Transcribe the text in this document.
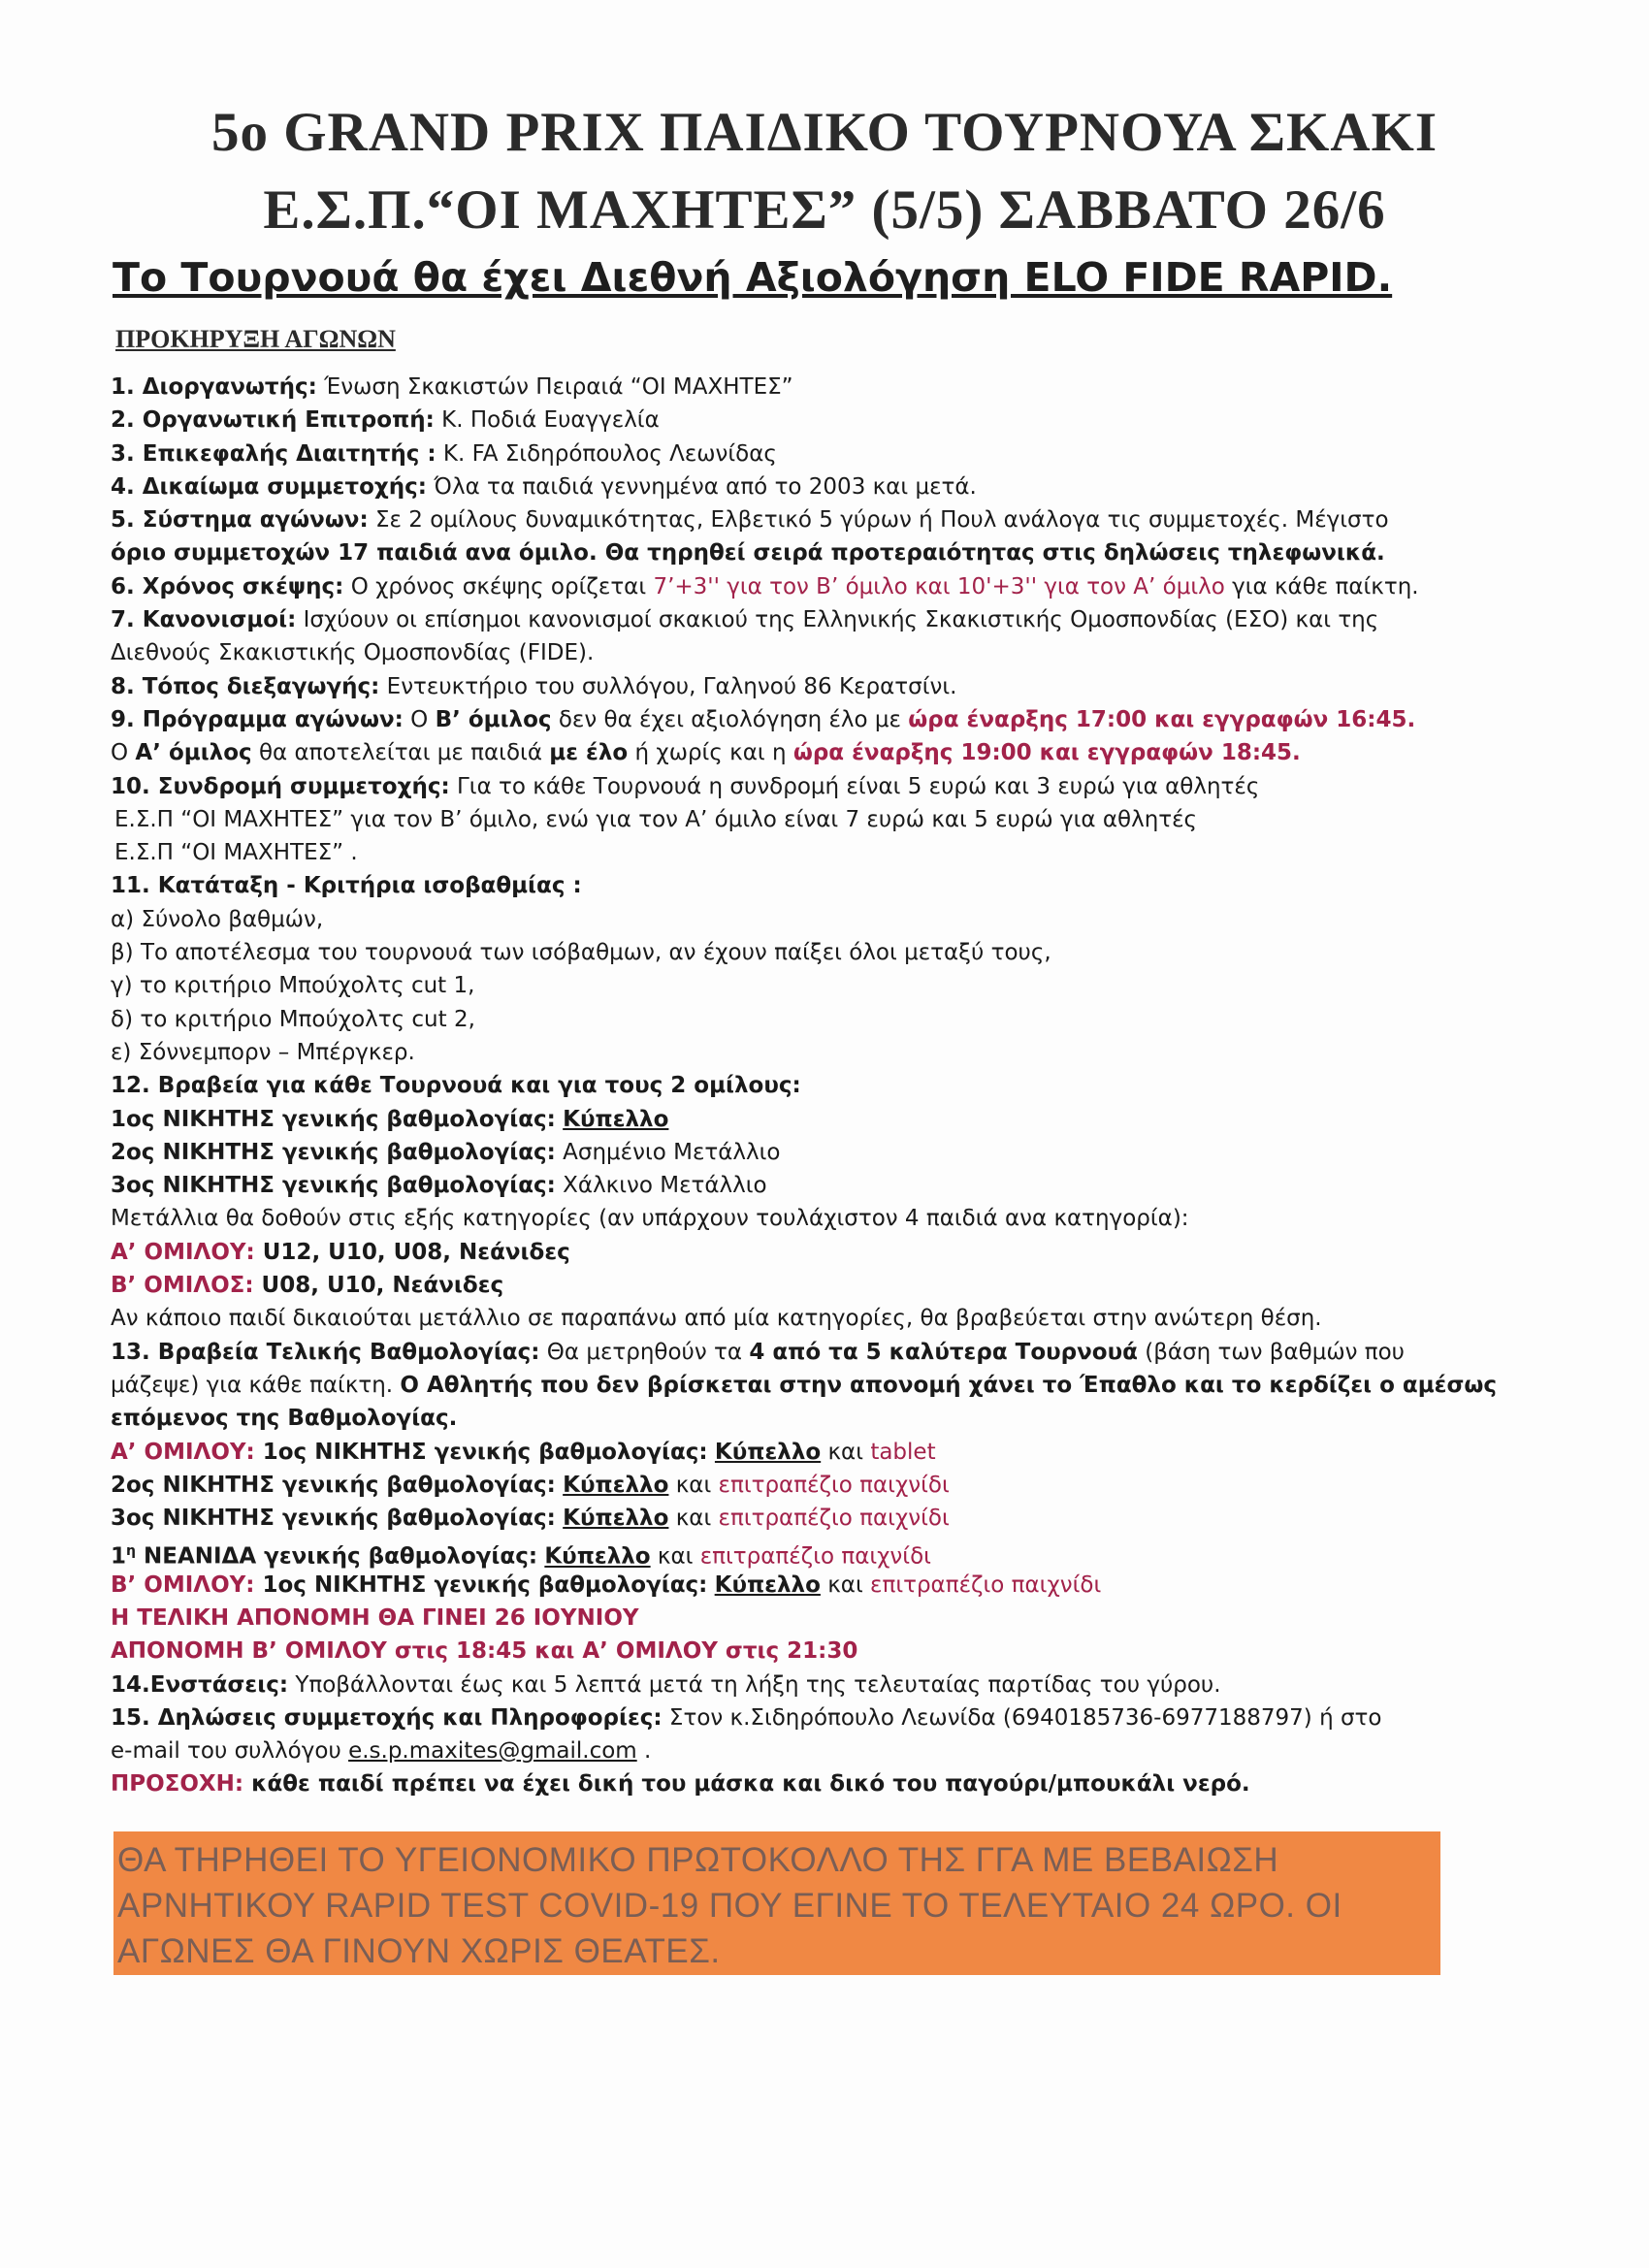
5ο GRAND PRIX ΠΑΙΔΙΚΟ ΤΟΥΡΝΟΥΑ ΣΚΑΚΙ
Ε.Σ.Π.“ΟΙ ΜΑΧΗΤΕΣ” (5/5) ΣΑΒΒΑΤΟ 26/6
Το Τουρνουά θα έχει Διεθνή Αξιολόγηση ELO FIDE RAPID.
ΠΡΟΚΗΡΥΞΗ ΑΓΩΝΩΝ
1. Διοργανωτής: Ένωση Σκακιστών Πειραιά “ΟΙ ΜΑΧΗΤΕΣ”
2. Οργανωτική Επιτροπή: Κ. Ποδιά Ευαγγελία
3. Επικεφαλής Διαιτητής : Κ. FA Σιδηρόπουλος Λεωνίδας
4. Δικαίωμα συμμετοχής: Όλα τα παιδιά γεννημένα από το 2003 και μετά.
5. Σύστημα αγώνων: Σε 2 ομίλους δυναμικότητας, Ελβετικό 5 γύρων ή Πουλ ανάλογα τις συμμετοχές. Μέγιστο
όριο συμμετοχών 17 παιδιά ανα όμιλο. Θα τηρηθεί σειρά προτεραιότητας στις δηλώσεις τηλεφωνικά.
6. Χρόνος σκέψης: Ο χρόνος σκέψης ορίζεται 7’+3'' για τον Β’ όμιλο και 10'+3'' για τον Α’ όμιλο για κάθε παίκτη.
7. Κανονισμοί: Ισχύουν οι επίσημοι κανονισμοί σκακιού της Ελληνικής Σκακιστικής Ομοσπονδίας (ΕΣΟ) και της
Διεθνούς Σκακιστικής Ομοσπονδίας (FIDE).
8. Τόπος διεξαγωγής: Εντευκτήριο του συλλόγου, Γαληνού 86 Κερατσίνι.
9. Πρόγραμμα αγώνων: Ο Β’ όμιλος δεν θα έχει αξιολόγηση έλο με ώρα έναρξης 17:00 και εγγραφών 16:45.
Ο Α’ όμιλος θα αποτελείται με παιδιά με έλο ή χωρίς και η ώρα έναρξης 19:00 και εγγραφών 18:45.
10. Συνδρομή συμμετοχής: Για το κάθε Τουρνουά η συνδρομή είναι 5 ευρώ και 3 ευρώ για αθλητές
Ε.Σ.Π “ΟΙ ΜΑΧΗΤΕΣ” για τον Β’ όμιλο, ενώ για τον Α’ όμιλο είναι 7 ευρώ και 5 ευρώ για αθλητές
Ε.Σ.Π “ΟΙ ΜΑΧΗΤΕΣ” .
11. Κατάταξη - Κριτήρια ισοβαθμίας :
α) Σύνολο βαθμών,
β) Το αποτέλεσμα του τουρνουά των ισόβαθμων, αν έχουν παίξει όλοι μεταξύ τους,
γ) το κριτήριο Μπούχολτς cut 1,
δ) το κριτήριο Μπούχολτς cut 2,
ε) Σόννεμπορν – Μπέργκερ.
12. Βραβεία για κάθε Τουρνουά και για τους 2 ομίλους:
1ος ΝΙΚΗΤΗΣ γενικής βαθμολογίας: Κύπελλο
2ος ΝΙΚΗΤΗΣ γενικής βαθμολογίας: Ασημένιο Μετάλλιο
3ος ΝΙΚΗΤΗΣ γενικής βαθμολογίας: Χάλκινο Μετάλλιο
Μετάλλια θα δοθούν στις εξής κατηγορίες (αν υπάρχουν τουλάχιστον 4 παιδιά ανα κατηγορία):
Α’ ΟΜΙΛΟΥ: U12, U10, U08, Νεάνιδες
Β’ ΟΜΙΛΟΣ: U08, U10, Νεάνιδες
Αν κάποιο παιδί δικαιούται μετάλλιο σε παραπάνω από μία κατηγορίες, θα βραβεύεται στην ανώτερη θέση.
13. Βραβεία Τελικής Βαθμολογίας: Θα μετρηθούν τα 4 από τα 5 καλύτερα Τουρνουά (βάση των βαθμών που
μάζεψε) για κάθε παίκτη. Ο Αθλητής που δεν βρίσκεται στην απονομή χάνει το Έπαθλο και το κερδίζει ο αμέσως
επόμενος της Βαθμολογίας.
Α’ ΟΜΙΛΟΥ: 1ος ΝΙΚΗΤΗΣ γενικής βαθμολογίας: Κύπελλο και tablet
2ος ΝΙΚΗΤΗΣ γενικής βαθμολογίας: Κύπελλο και επιτραπέζιο παιχνίδι
3ος ΝΙΚΗΤΗΣ γενικής βαθμολογίας: Κύπελλο και επιτραπέζιο παιχνίδι
$1^\eta$ ΝΕΑΝΙΔΑ γενικής βαθμολογίας: Κύπελλο και επιτραπέζιο παιχνίδι
Β’ ΟΜΙΛΟΥ: 1ος ΝΙΚΗΤΗΣ γενικής βαθμολογίας: Κύπελλο και επιτραπέζιο παιχνίδι
Η ΤΕΛΙΚΗ ΑΠΟΝΟΜΗ ΘΑ ΓΙΝΕΙ 26 ΙΟΥΝΙΟΥ
ΑΠΟΝΟΜΗ Β’ ΟΜΙΛΟΥ στις 18:45 και Α’ ΟΜΙΛΟΥ στις 21:30
14.Ενστάσεις: Υποβάλλονται έως και 5 λεπτά μετά τη λήξη της τελευταίας παρτίδας του γύρου.
15. Δηλώσεις συμμετοχής και Πληροφορίες: Στον κ.Σιδηρόπουλο Λεωνίδα (6940185736-6977188797) ή στο
e-mail του συλλόγου e.s.p.maxites@gmail.com .
ΠΡΟΣΟΧΗ: κάθε παιδί πρέπει να έχει δική του μάσκα και δικό του παγούρι/μπουκάλι νερό.
ΘΑ ΤΗΡΗΘΕΙ ΤΟ ΥΓΕΙΟΝΟΜΙΚΟ ΠΡΩΤΟΚΟΛΛΟ ΤΗΣ ΓΓΑ ΜΕ ΒΕΒΑΙΩΣΗ
ΑΡΝΗΤΙΚΟΥ RAPID TEST COVID-19 ΠΟΥ ΕΓΙΝΕ ΤΟ ΤΕΛΕΥΤΑΙΟ 24 ΩΡΟ. ΟΙ
ΑΓΩΝΕΣ ΘΑ ΓΙΝΟΥΝ ΧΩΡΙΣ ΘΕΑΤΕΣ.
